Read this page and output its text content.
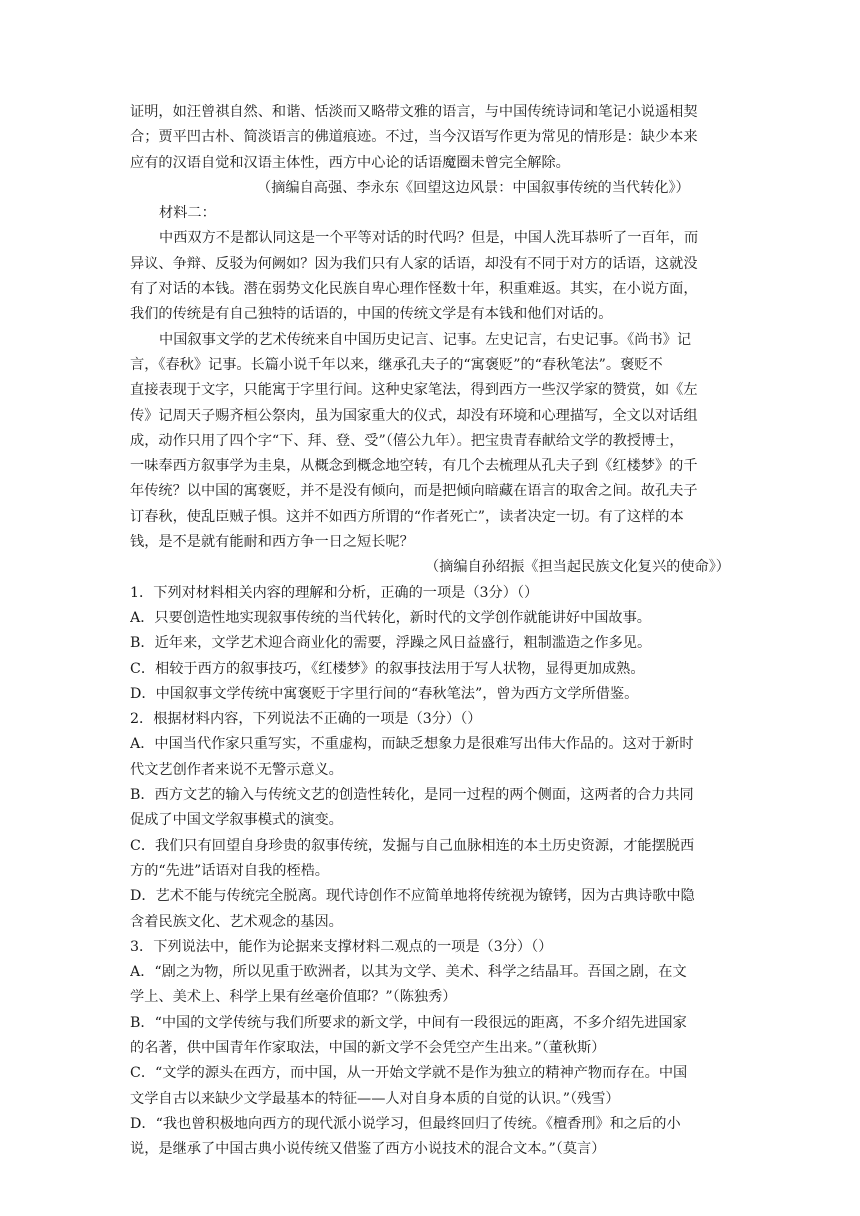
证明，如汪曾祺自然、和谐、恬淡而又略带文雅的语言，与中国传统诗词和笔记小说遥相契
合；贾平凹古朴、简淡语言的佛道痕迹。不过，当今汉语写作更为常见的情形是：缺少本来
应有的汉语自觉和汉语主体性，西方中心论的话语魔圈未曾完全解除。
（摘编自高强、李永东《回望这边风景：中国叙事传统的当代转化》）
材料二：
中西双方不是都认同这是一个平等对话的时代吗？但是，中国人洗耳恭听了一百年，而
异议、争辩、反驳为何阙如？因为我们只有人家的话语，却没有不同于对方的话语，这就没
有了对话的本钱。潜在弱势文化民族自卑心理作怪数十年，积重难返。其实，在小说方面，
我们的传统是有自己独特的话语的，中国的传统文学是有本钱和他们对话的。
中国叙事文学的艺术传统来自中国历史记言、记事。左史记言，右史记事。《尚书》记
言，《春秋》记事。长篇小说千年以来，继承孔夫子的“寓褒贬”的“春秋笔法”。褒贬不
直接表现于文字，只能寓于字里行间。这种史家笔法，得到西方一些汉学家的赞赏，如《左
传》记周天子赐齐桓公祭肉，虽为国家重大的仪式，却没有环境和心理描写，全文以对话组
成，动作只用了四个字“下、拜、登、受”（僖公九年）。把宝贵青春献给文学的教授博士，
一味奉西方叙事学为圭臬，从概念到概念地空转，有几个去梳理从孔夫子到《红楼梦》的千
年传统？以中国的寓褒贬，并不是没有倾向，而是把倾向暗藏在语言的取舍之间。故孔夫子
订春秋，使乱臣贼子惧。这并不如西方所谓的“作者死亡”，读者决定一切。有了这样的本
钱，是不是就有能耐和西方争一日之短长呢？
（摘编自孙绍振《担当起民族文化复兴的使命》）
1．下列对材料相关内容的理解和分析，正确的一项是（3分）（）
A．只要创造性地实现叙事传统的当代转化，新时代的文学创作就能讲好中国故事。
B．近年来，文学艺术迎合商业化的需要，浮躁之风日益盛行，粗制滥造之作多见。
C．相较于西方的叙事技巧，《红楼梦》的叙事技法用于写人状物，显得更加成熟。
D．中国叙事文学传统中寓褒贬于字里行间的“春秋笔法”，曾为西方文学所借鉴。
2．根据材料内容，下列说法不正确的一项是（3分）（）
A．中国当代作家只重写实，不重虚构，而缺乏想象力是很难写出伟大作品的。这对于新时
代文艺创作者来说不无警示意义。
B．西方文艺的输入与传统文艺的创造性转化，是同一过程的两个侧面，这两者的合力共同
促成了中国文学叙事模式的演变。
C．我们只有回望自身珍贵的叙事传统，发掘与自己血脉相连的本土历史资源，才能摆脱西
方的“先进”话语对自我的桎梏。
D．艺术不能与传统完全脱离。现代诗创作不应简单地将传统视为镣铐，因为古典诗歌中隐
含着民族文化、艺术观念的基因。
3．下列说法中，能作为论据来支撑材料二观点的一项是（3分）（）
A．“剧之为物，所以见重于欧洲者，以其为文学、美术、科学之结晶耳。吾国之剧，在文
学上、美术上、科学上果有丝毫价值耶？”（陈独秀）
B．“中国的文学传统与我们所要求的新文学，中间有一段很远的距离，不多介绍先进国家
的名著，供中国青年作家取法，中国的新文学不会凭空产生出来。”（董秋斯）
C．“文学的源头在西方，而中国，从一开始文学就不是作为独立的精神产物而存在。中国
文学自古以来缺少文学最基本的特征——人对自身本质的自觉的认识。”（残雪）
D．“我也曾积极地向西方的现代派小说学习，但最终回归了传统。《檀香刑》和之后的小
说，是继承了中国古典小说传统又借鉴了西方小说技术的混合文本。”（莫言）
